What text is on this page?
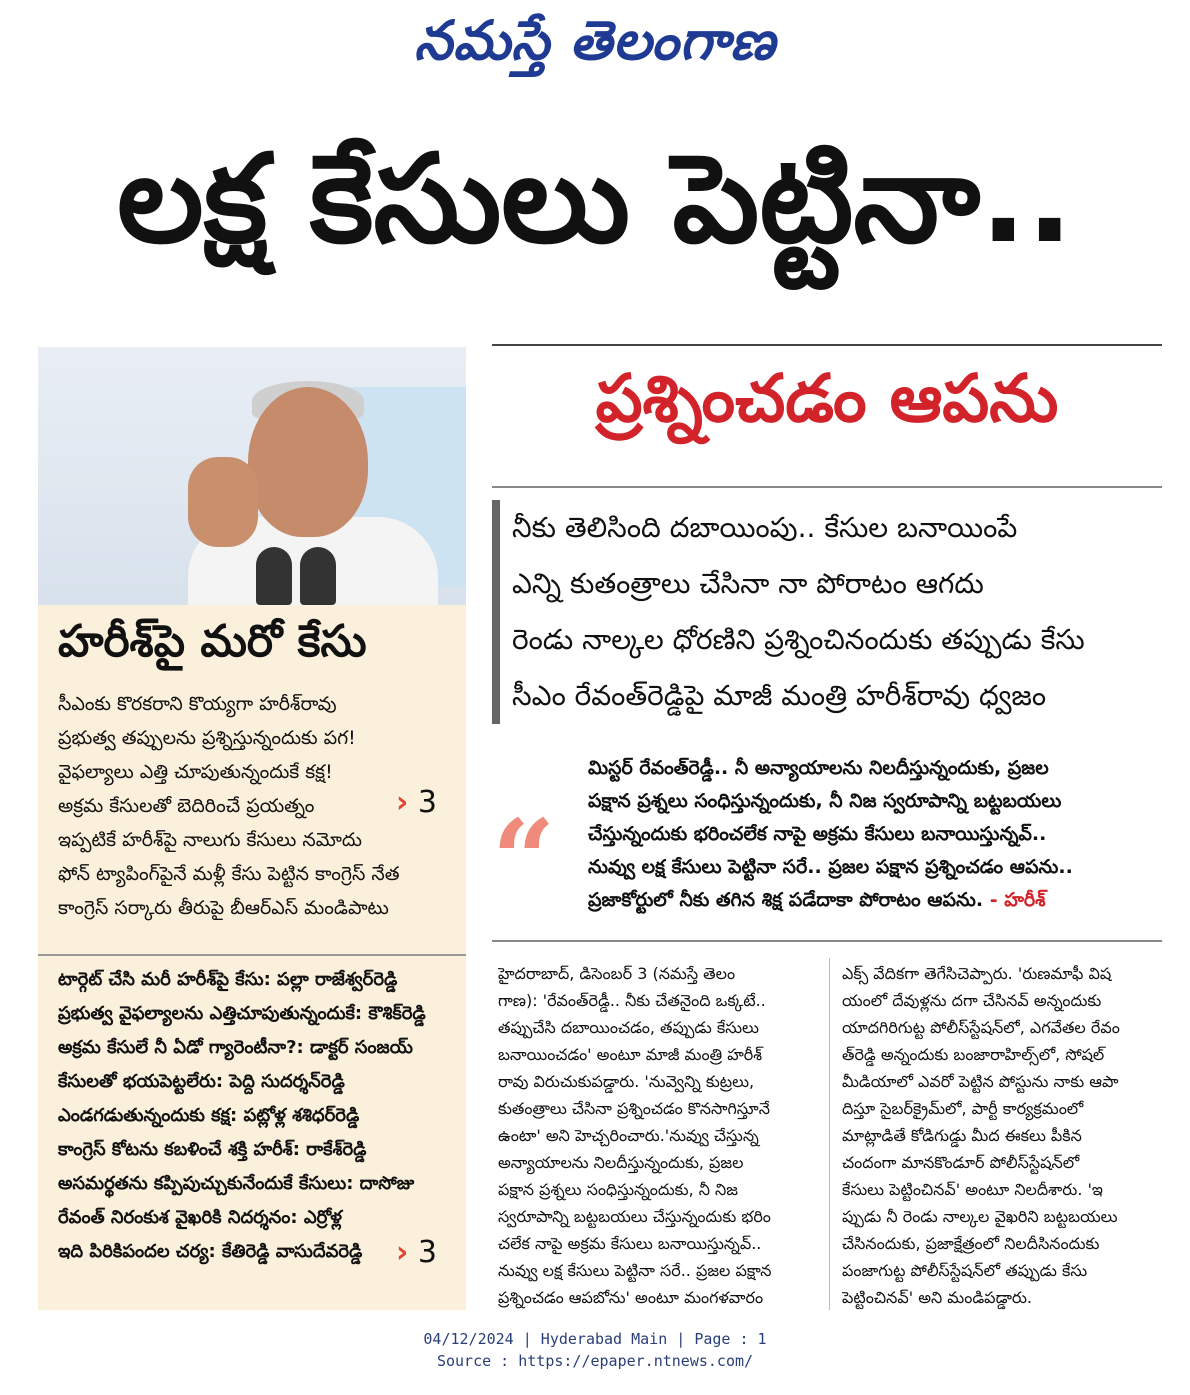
నమస్తే తెలంగాణ
లక్ష కేసులు పెట్టినా..
హరీశ్‌పై మరో కేసు
సీఎంకు కొరకరాని కొయ్యగా హరీశ్‌రావు
ప్రభుత్వ తప్పులను ప్రశ్నిస్తున్నందుకు పగ!
వైఫల్యాలు ఎత్తి చూపుతున్నందుకే కక్ష!
అక్రమ కేసులతో బెదిరించే ప్రయత్నం
ఇప్పటికే హరీశ్‌పై నాలుగు కేసులు నమోదు
ఫోన్ ట్యాపింగ్‌పైనే మళ్లీ కేసు పెట్టిన కాంగ్రెస్ నేత
కాంగ్రెస్ సర్కారు తీరుపై బీఆర్‌ఎస్ మండిపాటు
› 3
టార్గెట్ చేసి మరీ హరీశ్‌పై కేసు: పల్లా రాజేశ్వర్‌రెడ్డి
ప్రభుత్వ వైఫల్యాలను ఎత్తిచూపుతున్నందుకే: కౌశిక్‌రెడ్డి
అక్రమ కేసులే నీ ఏడో గ్యారెంటీనా?: డాక్టర్ సంజయ్
కేసులతో భయపెట్టలేరు: పెద్ది సుదర్శన్‌రెడ్డి
ఎండగడుతున్నందుకు కక్ష: పట్లోళ్ల శశిధర్‌రెడ్డి
కాంగ్రెస్ కోటను కబళించే శక్తి హరీశ్: రాకేశ్‌రెడ్డి
అసమర్థతను కప్పిపుచ్చుకునేందుకే కేసులు: దాసోజు
రేవంత్ నిరంకుశ వైఖరికి నిదర్శనం: ఎర్రోళ్ల
ఇది పిరికిపందల చర్య: కేతిరెడ్డి వాసుదేవరెడ్డి	› 3
ప్రశ్నించడం ఆపను
నీకు తెలిసింది దబాయింపు.. కేసుల బనాయింపే
ఎన్ని కుతంత్రాలు చేసినా నా పోరాటం ఆగదు
రెండు నాల్కల ధోరణిని ప్రశ్నించినందుకు తప్పుడు కేసు
సీఎం రేవంత్‌రెడ్డిపై మాజీ మంత్రి హరీశ్‌రావు ధ్వజం
“
మిస్టర్ రేవంత్‌రెడ్డీ.. నీ అన్యాయాలను నిలదీస్తున్నందుకు, ప్రజల
పక్షాన ప్రశ్నలు సంధిస్తున్నందుకు, నీ నిజ స్వరూపాన్ని బట్టబయలు
చేస్తున్నందుకు భరించలేక నాపై అక్రమ కేసులు బనాయిస్తున్నవ్..
నువ్వు లక్ష కేసులు పెట్టినా సరే.. ప్రజల పక్షాన ప్రశ్నించడం ఆపను..
ప్రజాకోర్టులో నీకు తగిన శిక్ష పడేదాకా పోరాటం ఆపను. - హరీశ్
హైదరాబాద్, డిసెంబర్ 3 (నమస్తే తెలం
గాణ): 'రేవంత్‌రెడ్డీ.. నీకు చేతనైంది ఒక్కటే..
తప్పుచేసి దబాయించడం, తప్పుడు కేసులు
బనాయించడం' అంటూ మాజీ మంత్రి హరీశ్
రావు విరుచుకుపడ్డారు. 'నువ్వెన్ని కుట్రలు,
కుతంత్రాలు చేసినా ప్రశ్నించడం కొనసాగిస్తూనే
ఉంటా' అని హెచ్చరించారు.'నువ్వు చేస్తున్న
అన్యాయాలను నిలదీస్తున్నందుకు, ప్రజల
పక్షాన ప్రశ్నలు సంధిస్తున్నందుకు, నీ నిజ
స్వరూపాన్ని బట్టబయలు చేస్తున్నందుకు భరిం
చలేక నాపై అక్రమ కేసులు బనాయిస్తున్నవ్..
నువ్వు లక్ష కేసులు పెట్టినా సరే.. ప్రజల పక్షాన
ప్రశ్నించడం ఆపబోను' అంటూ మంగళవారం
ఎక్స్ వేదికగా తెగేసిచెప్పారు. 'రుణమాఫీ విష
యంలో దేవుళ్లను దగా చేసినవ్ అన్నందుకు
యాదగిరిగుట్ట పోలీస్‌స్టేషన్‌లో, ఎగవేతల రేవం
త్‌రెడ్డి అన్నందుకు బంజారాహిల్స్‌లో, సోషల్
మీడియాలో ఎవరో పెట్టిన పోస్టును నాకు ఆపా
దిస్తూ సైబర్‌క్రైమ్‌లో, పార్టీ కార్యక్రమంలో
మాట్లాడితే కోడిగుడ్డు మీద ఈకలు పీకిన
చందంగా మానకొండూర్ పోలీస్‌స్టేషన్‌లో
కేసులు పెట్టించినవ్' అంటూ నిలదీశారు. 'ఇ
ప్పుడు నీ రెండు నాల్కల వైఖరిని బట్టబయలు
చేసినందుకు, ప్రజాక్షేత్రంలో నిలదీసినందుకు
పంజాగుట్ట పోలీస్‌స్టేషన్‌లో తప్పుడు కేసు
పెట్టించినవ్' అని మండిపడ్డారు.
04/12/2024 | Hyderabad Main | Page : 1
Source : https://epaper.ntnews.com/
